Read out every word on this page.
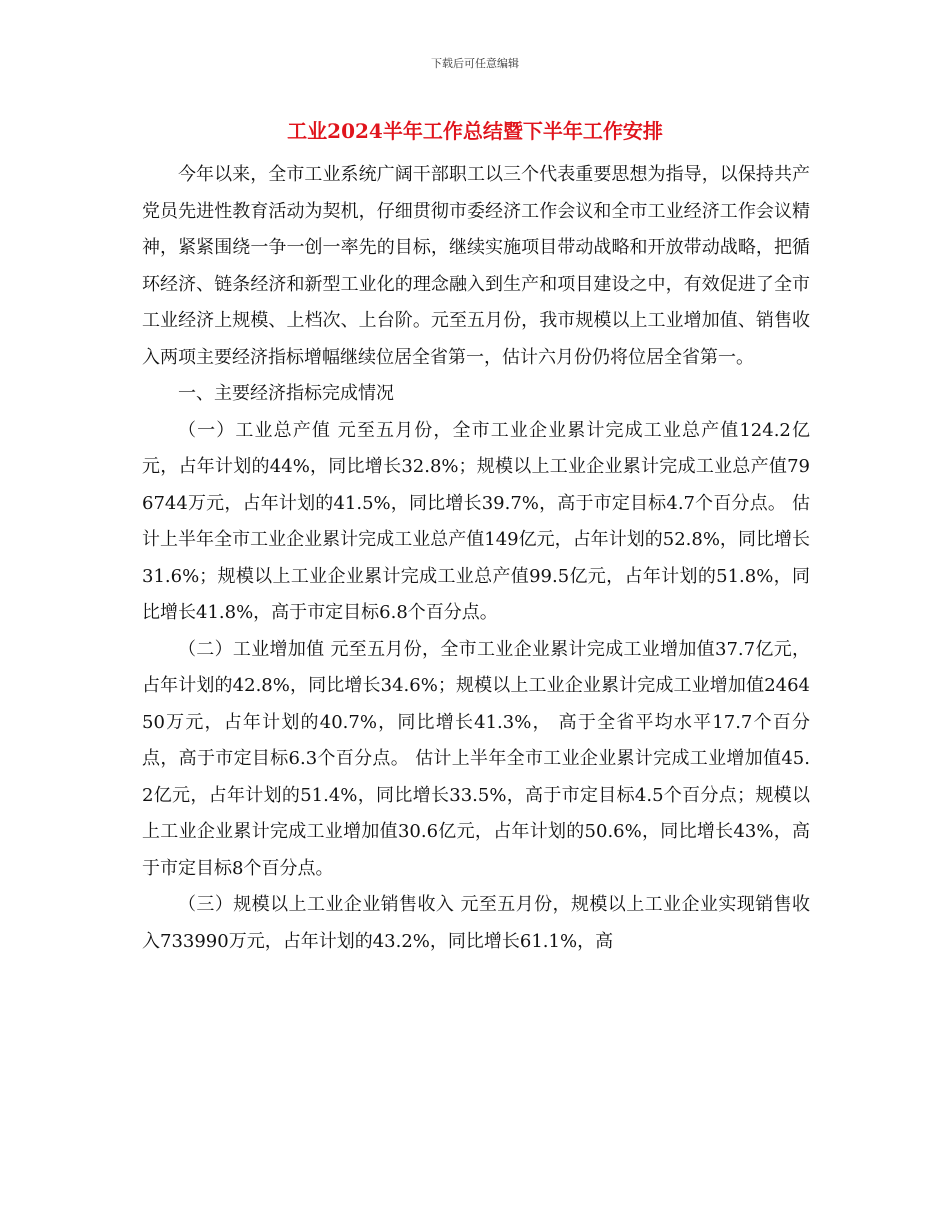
下载后可任意编辑
工业2024半年工作总结暨下半年工作安排

今年以来，全市工业系统广阔干部职工以三个代表重要思想为指导，以保持共产党员先进性教育活动为契机，仔细贯彻市委经济工作会议和全市工业经济工作会议精神，紧紧围绕一争一创一率先的目标，继续实施项目带动战略和开放带动战略，把循环经济、链条经济和新型工业化的理念融入到生产和项目建设之中，有效促进了全市工业经济上规模、上档次、上台阶。元至五月份，我市规模以上工业增加值、销售收入两项主要经济指标增幅继续位居全省第一，估计六月份仍将位居全省第一。

一、主要经济指标完成情况

（一）工业总产值 元至五月份，全市工业企业累计完成工业总产值124.2亿元，占年计划的44%，同比增长32.8%；规模以上工业企业累计完成工业总产值796744万元，占年计划的41.5%，同比增长39.7%，高于市定目标4.7个百分点。 估计上半年全市工业企业累计完成工业总产值149亿元，占年计划的52.8%，同比增长31.6%；规模以上工业企业累计完成工业总产值99.5亿元，占年计划的51.8%，同比增长41.8%，高于市定目标6.8个百分点。

（二）工业增加值 元至五月份，全市工业企业累计完成工业增加值37.7亿元，占年计划的42.8%，同比增长34.6%；规模以上工业企业累计完成工业增加值246450万元，占年计划的40.7%，同比增长41.3%， 高于全省平均水平17.7个百分点，高于市定目标6.3个百分点。 估计上半年全市工业企业累计完成工业增加值45.2亿元，占年计划的51.4%，同比增长33.5%，高于市定目标4.5个百分点；规模以上工业企业累计完成工业增加值30.6亿元，占年计划的50.6%，同比增长43%，高于市定目标8个百分点。

（三）规模以上工业企业销售收入 元至五月份，规模以上工业企业实现销售收入733990万元，占年计划的43.2%，同比增长61.1%，高
